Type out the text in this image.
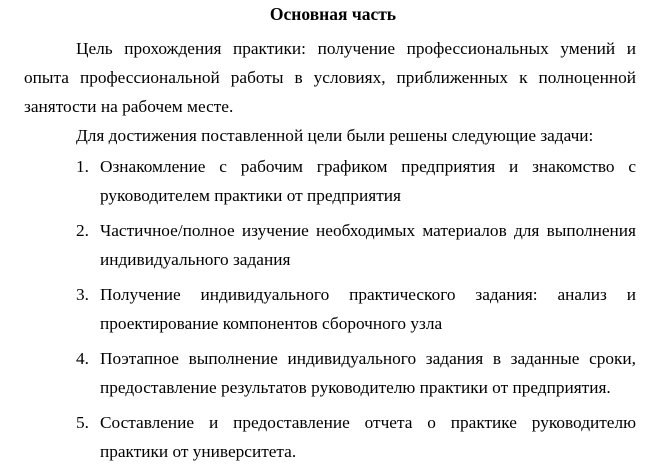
Основная часть

Цель прохождения практики: получение профессиональных умений и опыта профессиональной работы в условиях, приближенных к полноценной занятости на рабочем месте.

Для достижения поставленной цели были решены следующие задачи:

1. Ознакомление с рабочим графиком предприятия и знакомство с руководителем практики от предприятия
2. Частичное/полное изучение необходимых материалов для выполнения индивидуального задания
3. Получение индивидуального практического задания: анализ и проектирование компонентов сборочного узла
4. Поэтапное выполнение индивидуального задания в заданные сроки, предоставление результатов руководителю практики от предприятия.
5. Составление и предоставление отчета о практике руководителю практики от университета.
